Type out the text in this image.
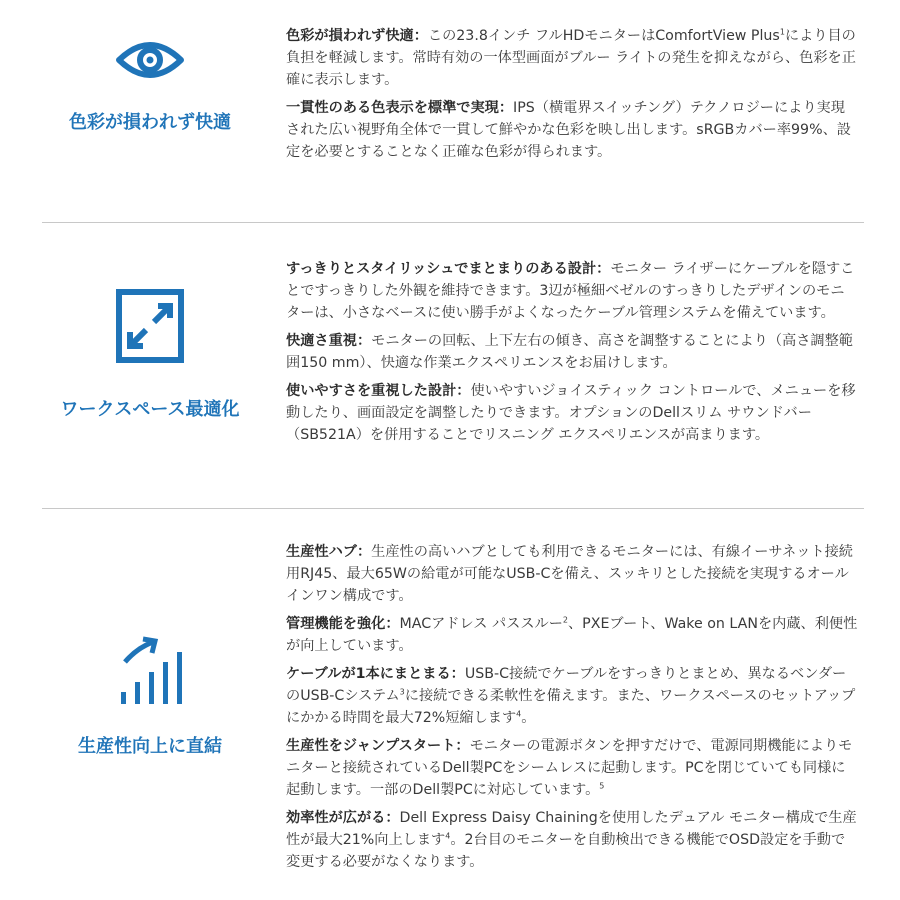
色彩が損われず快適

色彩が損われず快適：この23.8インチ フルHDモニターはComfortView Plus$^1$により目の負担を軽減します。常時有効の一体型画面がブルー ライトの発生を抑えながら、色彩を正確に表示します。

一貫性のある色表示を標準で実現：IPS（横電界スイッチング）テクノロジーにより実現された広い視野角全体で一貫して鮮やかな色彩を映し出します。sRGBカバー率99%、設定を必要とすることなく正確な色彩が得られます。

ワークスペース最適化

すっきりとスタイリッシュでまとまりのある設計：モニター ライザーにケーブルを隠すことですっきりした外観を維持できます。3辺が極細ベゼルのすっきりしたデザインのモニターは、小さなベースに使い勝手がよくなったケーブル管理システムを備えています。

快適さ重視：モニターの回転、上下左右の傾き、高さを調整することにより（高さ調整範囲150 mm）、快適な作業エクスペリエンスをお届けします。

使いやすさを重視した設計：使いやすいジョイスティック コントロールで、メニューを移動したり、画面設定を調整したりできます。オプションのDellスリム サウンドバー（SB521A）を併用することでリスニング エクスペリエンスが高まります。

生産性向上に直結

生産性ハブ：生産性の高いハブとしても利用できるモニターには、有線イーサネット接続用RJ45、最大65Wの給電が可能なUSB-Cを備え、スッキリとした接続を実現するオールインワン構成です。

管理機能を強化：MACアドレス パススルー$^2$、PXEブート、Wake on LANを内蔵、利便性が向上しています。

ケーブルが1本にまとまる：USB-C接続でケーブルをすっきりとまとめ、異なるベンダーのUSB-Cシステム$^3$に接続できる柔軟性を備えます。また、ワークスペースのセットアップにかかる時間を最大72%短縮します$^4$。

生産性をジャンプスタート：モニターの電源ボタンを押すだけで、電源同期機能によりモニターと接続されているDell製PCをシームレスに起動します。PCを閉じていても同様に起動します。一部のDell製PCに対応しています。$^5$

効率性が広がる：Dell Express Daisy Chainingを使用したデュアル モニター構成で生産性が最大21%向上します$^4$。2台目のモニターを自動検出できる機能でOSD設定を手動で変更する必要がなくなります。
